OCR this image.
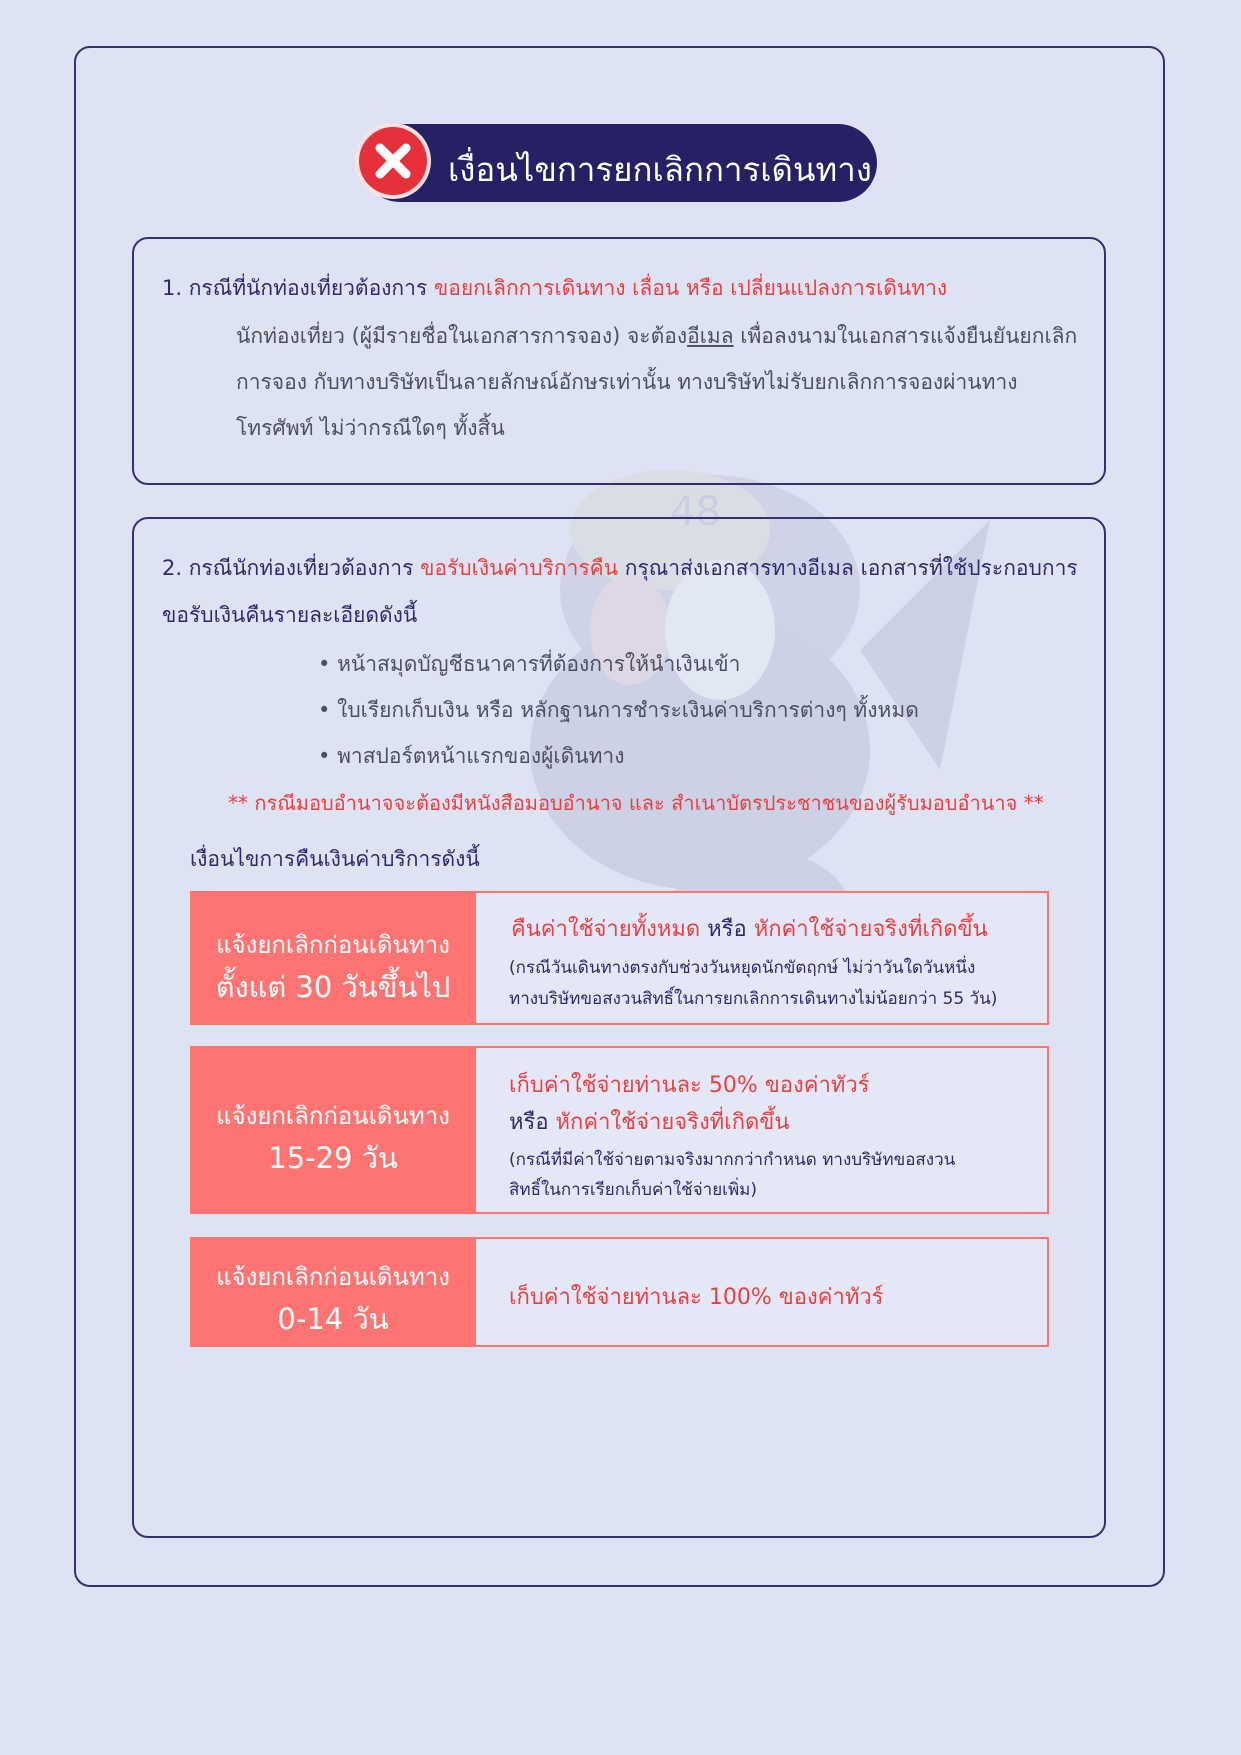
48
เงื่อนไขการยกเลิกการเดินทาง
1. กรณีที่นักท่องเที่ยวต้องการ ขอยกเลิกการเดินทาง เลื่อน หรือ เปลี่ยนแปลงการเดินทาง
นักท่องเที่ยว (ผู้มีรายชื่อในเอกสารการจอง) จะต้องอีเมล เพื่อลงนามในเอกสารแจ้งยืนยันยกเลิก
การจอง กับทางบริษัทเป็นลายลักษณ์อักษรเท่านั้น ทางบริษัทไม่รับยกเลิกการจองผ่านทาง
โทรศัพท์ ไม่ว่ากรณีใดๆ ทั้งสิ้น
2. กรณีนักท่องเที่ยวต้องการ ขอรับเงินค่าบริการคืน กรุณาส่งเอกสารทางอีเมล เอกสารที่ใช้ประกอบการ
ขอรับเงินคืนรายละเอียดดังนี้
• หน้าสมุดบัญชีธนาคารที่ต้องการให้นำเงินเข้า
• ใบเรียกเก็บเงิน หรือ หลักฐานการชำระเงินค่าบริการต่างๆ ทั้งหมด
• พาสปอร์ตหน้าแรกของผู้เดินทาง
** กรณีมอบอำนาจจะต้องมีหนังสือมอบอำนาจ และ สำเนาบัตรประชาชนของผู้รับมอบอำนาจ **
เงื่อนไขการคืนเงินค่าบริการดังนี้
แจ้งยกเลิกก่อนเดินทาง
ตั้งแต่ 30 วันขึ้นไป
คืนค่าใช้จ่ายทั้งหมด หรือ หักค่าใช้จ่ายจริงที่เกิดขึ้น
(กรณีวันเดินทางตรงกับช่วงวันหยุดนักขัตฤกษ์ ไม่ว่าวันใดวันหนึ่ง
ทางบริษัทขอสงวนสิทธิ์ในการยกเลิกการเดินทางไม่น้อยกว่า 55 วัน)
แจ้งยกเลิกก่อนเดินทาง
15-29 วัน
เก็บค่าใช้จ่ายท่านละ 50% ของค่าทัวร์
หรือ หักค่าใช้จ่ายจริงที่เกิดขึ้น
(กรณีที่มีค่าใช้จ่ายตามจริงมากกว่ากำหนด ทางบริษัทขอสงวน
สิทธิ์ในการเรียกเก็บค่าใช้จ่ายเพิ่ม)
แจ้งยกเลิกก่อนเดินทาง
0-14 วัน
เก็บค่าใช้จ่ายท่านละ 100% ของค่าทัวร์
